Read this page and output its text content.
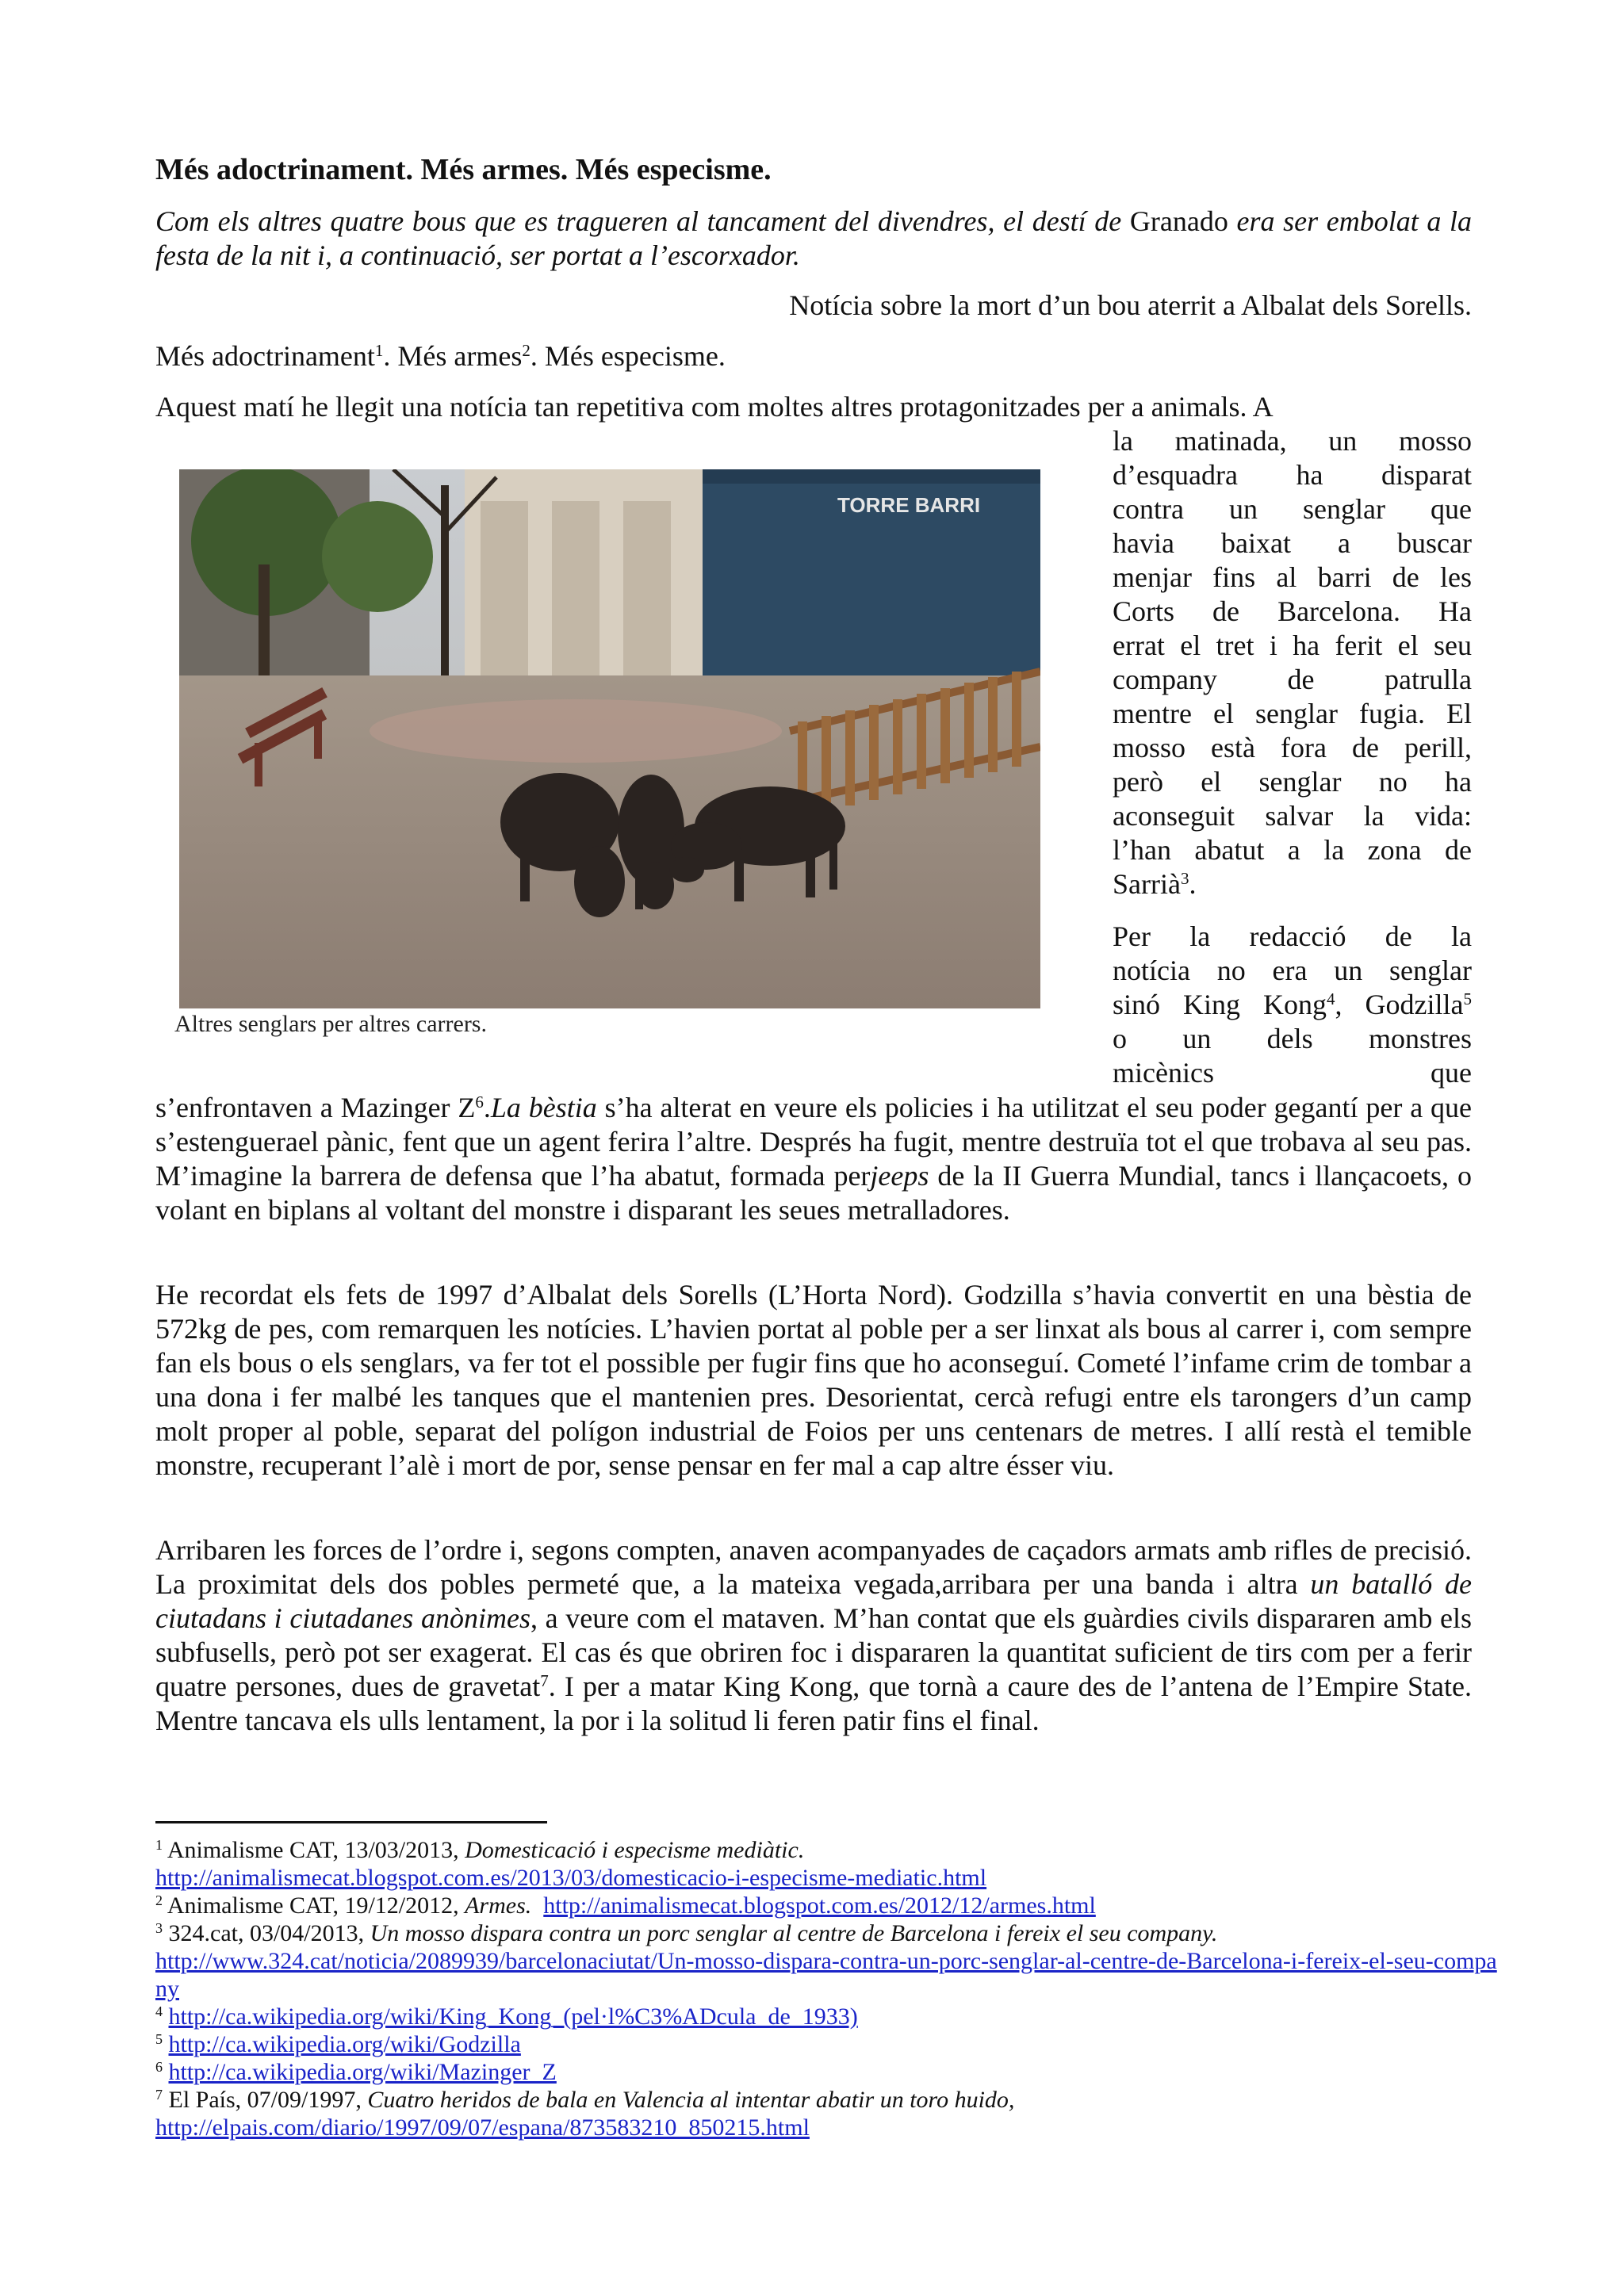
Més adoctrinament. Més armes. Més especisme.

Com els altres quatre bous que es tragueren al tancament del divendres, el destí de Granado era ser embolat a la festa de la nit i, a continuació, ser portat a l’escorxador.

Notícia sobre la mort d’un bou aterrit a Albalat dels Sorells.

Més adoctrinament$^1$. Més armes$^2$. Més especisme.

Aquest matí he llegit una notícia tan repetitiva com moltes altres protagonitzades per a animals. A

la matinada, un mosso
d’esquadra ha disparat
contra un senglar que
havia baixat a buscar
menjar fins al barri de les
Corts de Barcelona. Ha
errat el tret i ha ferit el seu
company de patrulla
mentre el senglar fugia. El
mosso està fora de perill,
però el senglar no ha
aconseguit salvar la vida:
l’han abatut a la zona de
Sarrià$^3$.
Per la redacció de la
notícia no era un senglar
sinó King Kong$^4$, Godzilla$^5$
o un dels monstres
micènics que
TORRE BARRI
Altres senglars per altres carrers.

s’enfrontaven a Mazinger $Z^6.La$ bèstia s’ha alterat en veure els policies i ha utilitzat el seu poder gegantí per a que s’estenguerael pànic, fent que un agent ferira l’altre. Després ha fugit, mentre destruïa tot el que trobava al seu pas. M’imagine la barrera de defensa que l’ha abatut, formada perjeeps de la II Guerra Mundial, tancs i llançacoets, o volant en biplans al voltant del monstre i disparant les seues metralladores.

He recordat els fets de 1997 d’Albalat dels Sorells (L’Horta Nord). Godzilla s’havia convertit en una bèstia de 572kg de pes, com remarquen les notícies. L’havien portat al poble per a ser linxat als bous al carrer i, com sempre fan els bous o els senglars, va fer tot el possible per fugir fins que ho aconseguí. Cometé l’infame crim de tombar a una dona i fer malbé les tanques que el mantenien pres. Desorientat, cercà refugi entre els tarongers d’un camp molt proper al poble, separat del polígon industrial de Foios per uns centenars de metres. I allí restà el temible monstre, recuperant l’alè i mort de por, sense pensar en fer mal a cap altre ésser viu.

Arribaren les forces de l’ordre i, segons compten, anaven acompanyades de caçadors armats amb rifles de precisió. La proximitat dels dos pobles permeté que, a la mateixa vegada,arribara per una banda i altra un batalló de ciutadans i ciutadanes anònimes, a veure com el mataven. M’han contat que els guàrdies civils dispararen amb els subfusells, però pot ser exagerat. El cas és que obriren foc i dispararen la quantitat suficient de tirs com per a ferir quatre persones, dues de gravetat$^7$. I per a matar King Kong, que tornà a caure des de l’antena de l’Empire State. Mentre tancava els ulls lentament, la por i la solitud li feren patir fins el final.

$^1$ Animalisme CAT, 13/03/2013, Domesticació i especisme mediàtic.
http://animalismecat.blogspot.com.es/2013/03/domesticacio-i-especisme-mediatic.html

$^2$ Animalisme CAT, 19/12/2012, Armes. http://animalismecat.blogspot.com.es/2012/12/armes.html

$^3$ 324.cat, 03/04/2013, Un mosso dispara contra un porc senglar al centre de Barcelona i fereix el seu company.
http://www.324.cat/noticia/2089939/barcelonaciutat/Un-mosso-dispara-contra-un-porc-senglar-al-centre-de-Barcelona-i-fereix-el-seu-company

$^4$ http://ca.wikipedia.org/wiki/King_Kong_(pel·l%C3%ADcula_de_1933)

$^5$ http://ca.wikipedia.org/wiki/Godzilla

$^6$ http://ca.wikipedia.org/wiki/Mazinger_Z

$^7$ El País, 07/09/1997, Cuatro heridos de bala en Valencia al intentar abatir un toro huido,
http://elpais.com/diario/1997/09/07/espana/873583210_850215.html
